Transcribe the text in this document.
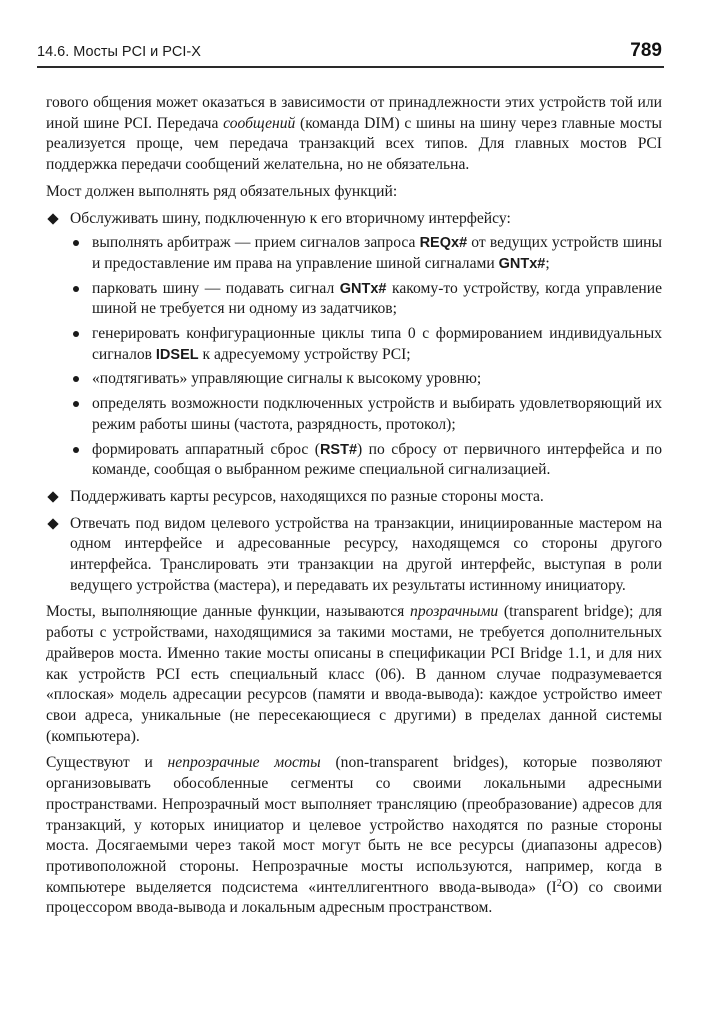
14.6. Мосты PCI и PCI-X	789

гового общения может оказаться в зависимости от принадлежности этих устройств той или иной шине PCI. Передача сообщений (команда DIM) с шины на шину через главные мосты реализуется проще, чем передача транзакций всех типов. Для главных мостов PCI поддержка передачи сообщений желательна, но не обязательна.

Мост должен выполнять ряд обязательных функций:

Обслуживать шину, подключенную к его вторичному интерфейсу:
выполнять арбитраж — прием сигналов запроса REQx# от ведущих устройств шины и предоставление им права на управление шиной сигналами GNTx#;
парковать шину — подавать сигнал GNTx# какому-то устройству, когда управление шиной не требуется ни одному из задатчиков;
генерировать конфигурационные циклы типа 0 с формированием индивидуальных сигналов IDSEL к адресуемому устройству PCI;
«подтягивать» управляющие сигналы к высокому уровню;
определять возможности подключенных устройств и выбирать удовлетворяющий их режим работы шины (частота, разрядность, протокол);
формировать аппаратный сброс (RST#) по сбросу от первичного интерфейса и по команде, сообщая о выбранном режиме специальной сигнализацией.
Поддерживать карты ресурсов, находящихся по разные стороны моста.
Отвечать под видом целевого устройства на транзакции, инициированные мастером на одном интерфейсе и адресованные ресурсу, находящемся со стороны другого интерфейса. Транслировать эти транзакции на другой интерфейс, выступая в роли ведущего устройства (мастера), и передавать их результаты истинному инициатору.

Мосты, выполняющие данные функции, называются прозрачными (transparent bridge); для работы с устройствами, находящимися за такими мостами, не требуется дополнительных драйверов моста. Именно такие мосты описаны в спецификации PCI Bridge 1.1, и для них как устройств PCI есть специальный класс (06). В данном случае подразумевается «плоская» модель адресации ресурсов (памяти и ввода-вывода): каждое устройство имеет свои адреса, уникальные (не пересекающиеся с другими) в пределах данной системы (компьютера).

Существуют и непрозрачные мосты (non-transparent bridges), которые позволяют организовывать обособленные сегменты со своими локальными адресными пространствами. Непрозрачный мост выполняет трансляцию (преобразование) адресов для транзакций, у которых инициатор и целевое устройство находятся по разные стороны моста. Досягаемыми через такой мост могут быть не все ресурсы (диапазоны адресов) противоположной стороны. Непрозрачные мосты используются, например, когда в компьютере выделяется подсистема «интеллигентного ввода-вывода» $(I^2O)$ со своими процессором ввода-вывода и локальным адресным пространством.
